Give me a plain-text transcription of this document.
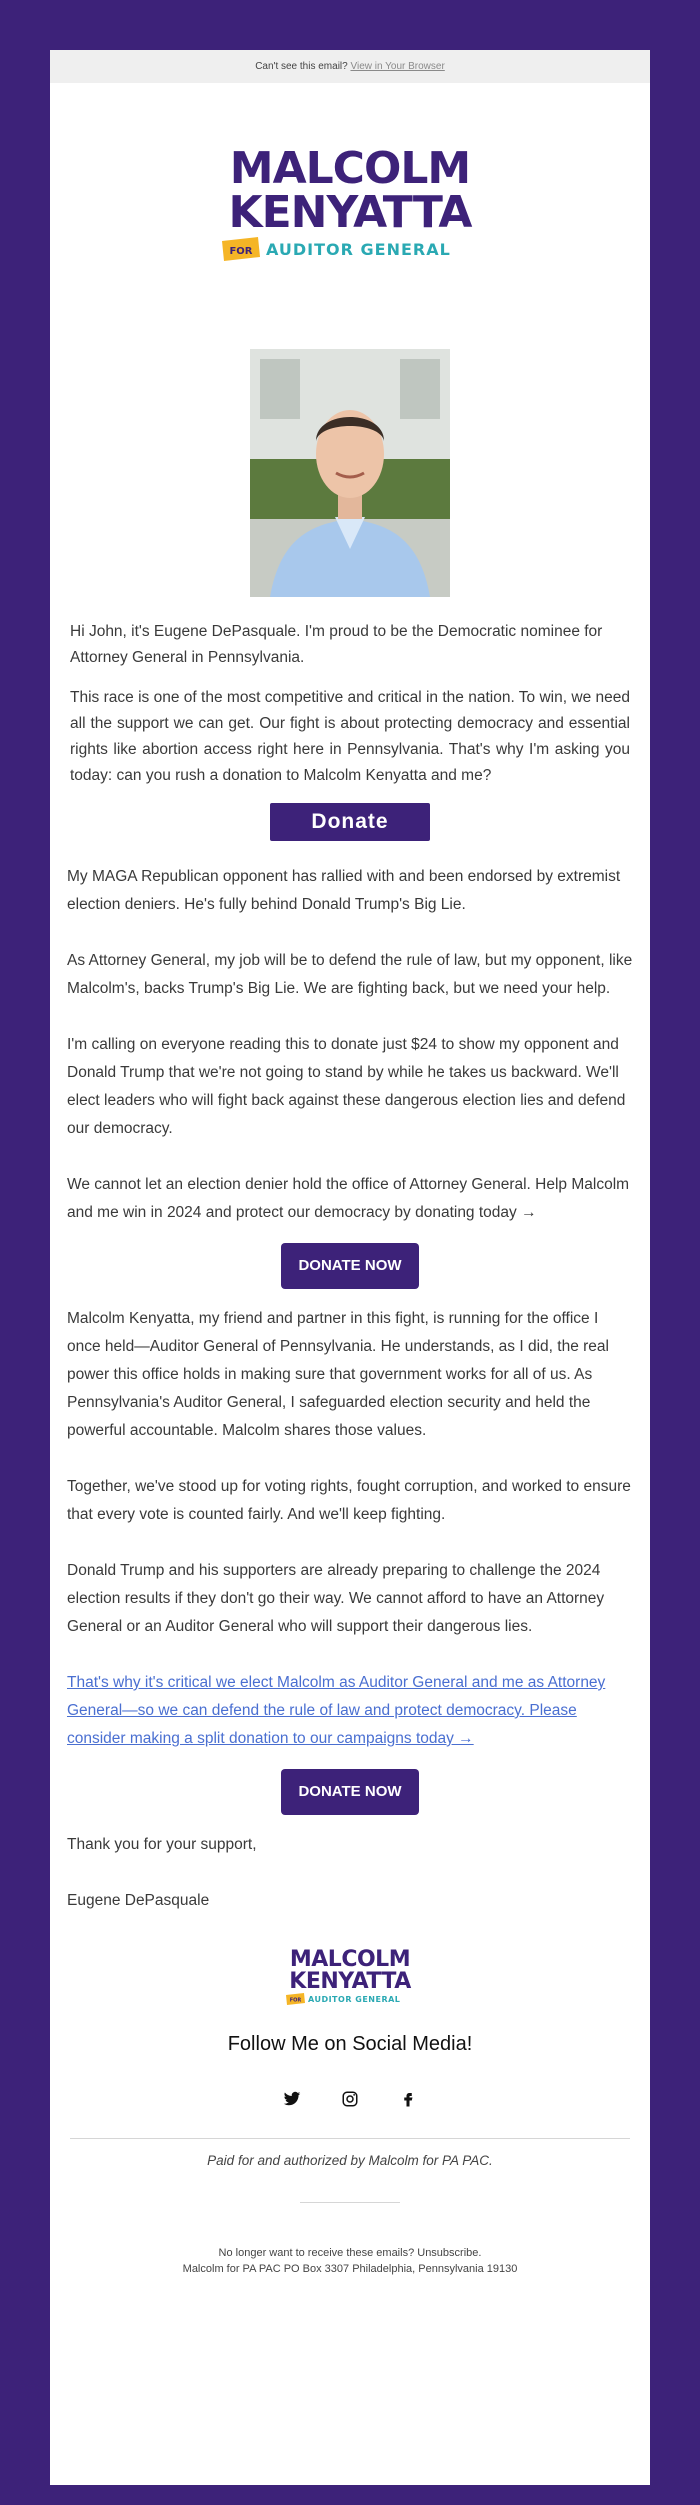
Can't see this email? View in Your Browser
MALCOLM
KENYATTA
FOR AUDITOR GENERAL

Hi John, it's Eugene DePasquale. I'm proud to be the Democratic nominee for Attorney General in Pennsylvania.

This race is one of the most competitive and critical in the nation. To win, we need all the support we can get. Our fight is about protecting democracy and essential rights like abortion access right here in Pennsylvania. That's why I'm asking you today: can you rush a donation to Malcolm Kenyatta and me?

Donate

My MAGA Republican opponent has rallied with and been endorsed by extremist election deniers. He's fully behind Donald Trump's Big Lie.

As Attorney General, my job will be to defend the rule of law, but my opponent, like Malcolm's, backs Trump's Big Lie. We are fighting back, but we need your help.

I'm calling on everyone reading this to donate just $24 to show my opponent and Donald Trump that we're not going to stand by while he takes us backward. We'll elect leaders who will fight back against these dangerous election lies and defend our democracy.

We cannot let an election denier hold the office of Attorney General. Help Malcolm and me win in 2024 and protect our democracy by donating today →

DONATE NOW

Malcolm Kenyatta, my friend and partner in this fight, is running for the office I once held—Auditor General of Pennsylvania. He understands, as I did, the real power this office holds in making sure that government works for all of us. As Pennsylvania's Auditor General, I safeguarded election security and held the powerful accountable. Malcolm shares those values.

Together, we've stood up for voting rights, fought corruption, and worked to ensure that every vote is counted fairly. And we'll keep fighting.

Donald Trump and his supporters are already preparing to challenge the 2024 election results if they don't go their way. We cannot afford to have an Attorney General or an Auditor General who will support their dangerous lies.

That's why it's critical we elect Malcolm as Auditor General and me as Attorney General—so we can defend the rule of law and protect democracy. Please consider making a split donation to our campaigns today →

DONATE NOW

Thank you for your support,

Eugene DePasquale

MALCOLM
KENYATTA
FOR AUDITOR GENERAL
Follow Me on Social Media!
Paid for and authorized by Malcolm for PA PAC.
No longer want to receive these emails? Unsubscribe.
Malcolm for PA PAC PO Box 3307 Philadelphia, Pennsylvania 19130
